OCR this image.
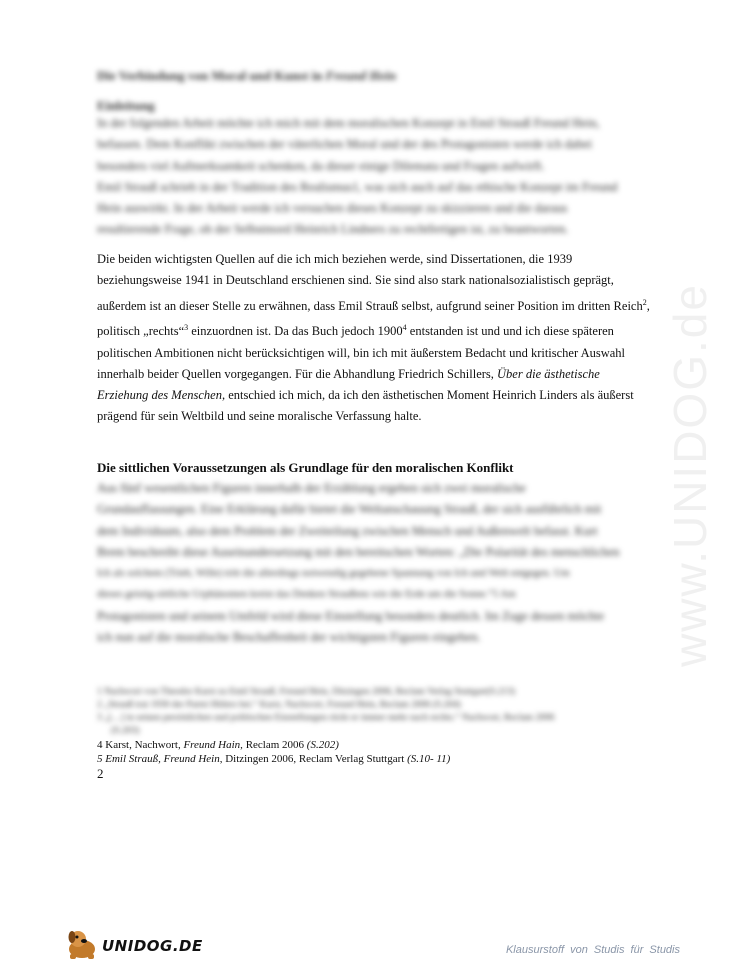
Die Verbindung von Moral und Kunst in Freund Hein
Einleitung

In der folgenden Arbeit möchte ich mich mit dem moralischen Konzept in Emil Strauß Freund Hein,

befassen. Dem Konflikt zwischen der väterlichen Moral und der des Protagonisten werde ich dabei

besonders viel Aufmerksamkeit schenken, da dieser einige Dilemata und Fragen aufwirft.

Emil Strauß schrieb in der Tradition des Realismus1, was sich auch auf das ethische Konzept im Freund

Hein auswirkt. In der Arbeit werde ich versuchen dieses Konzept zu skizzieren und die daraus

resultierende Frage, ob der Selbstmord Heinrich Lindners zu rechtfertigen ist, zu beantworten.

Die beiden wichtigsten Quellen auf die ich mich beziehen werde, sind Dissertationen, die 1939 beziehungsweise 1941 in Deutschland erschienen sind. Sie sind also stark nationalsozialistisch geprägt, außerdem ist an dieser Stelle zu erwähnen, dass Emil Strauß selbst, aufgrund seiner Position im dritten Reich$^2$, politisch „rechts“$^3$ einzuordnen ist. Da das Buch jedoch 1900$^4$ entstanden ist und und ich diese späteren politischen Ambitionen nicht berücksichtigen will, bin ich mit äußerstem Bedacht und kritischer Auswahl innerhalb beider Quellen vorgegangen. Für die Abhandlung Friedrich Schillers, Über die ästhetische Erziehung des Menschen, entschied ich mich, da ich den ästhetischen Moment Heinrich Linders als äußerst prägend für sein Weltbild und seine moralische Verfassung halte.

Die sittlichen Voraussetzungen als Grundlage für den moralischen Konflikt

Aus fünf wesentlichen Figuren innerhalb der Erzählung ergeben sich zwei moralische

Grundauffassungen. Eine Erklärung dafür bietet die Weltanschauung Strauß, der sich ausführlich mit

dem Individuum, also dem Problem der Zweiteilung zwischen Mensch und Außenwelt befasst. Kurt

Brem beschreibt diese Auseinandersetzung mit den bereitschen Worten: „Die Polarität des menschlichen

Ich als solchem (Trieb, Wille) tritt die allerdings notwendig gegebene Spannung von Ich und Welt entgegen. Um

dieses geistig-sittliche Urphänomen kreist das Denken Straußens wie die Erde um die Sonne.“5 Am

Protagonisten und seinem Umfeld wird diese Einstellung besonders deutlich. Im Zuge dessen möchte

ich nun auf die moralische Beschaffenheit der wichtigsten Figuren eingehen.

1 Nachwort von Theodor Karst zu Emil Strauß, Freund Hein, Ditzingen 2006, Reclam Verlag Stuttgart(S.213)
2 „Strauß trat 1930 der Partei Hitlers bei.“ Karst, Nachwort, Freund Hein, Reclam 2006 (S.204)
3 „[…] in seinen persönlichen und politischen Einstellungen rückt er immer mehr nach rechts.“ Nachwort, Reclam 2006
(S.203)
4 Karst, Nachwort, Freund Hain, Reclam 2006 (S.202)
5 Emil Strauß, Freund Hein, Ditzingen 2006, Reclam Verlag Stuttgart (S.10- 11)
2
www.UNIDOG.de
UNIDOG.DE	Klausurstoff von Studis für Studis
